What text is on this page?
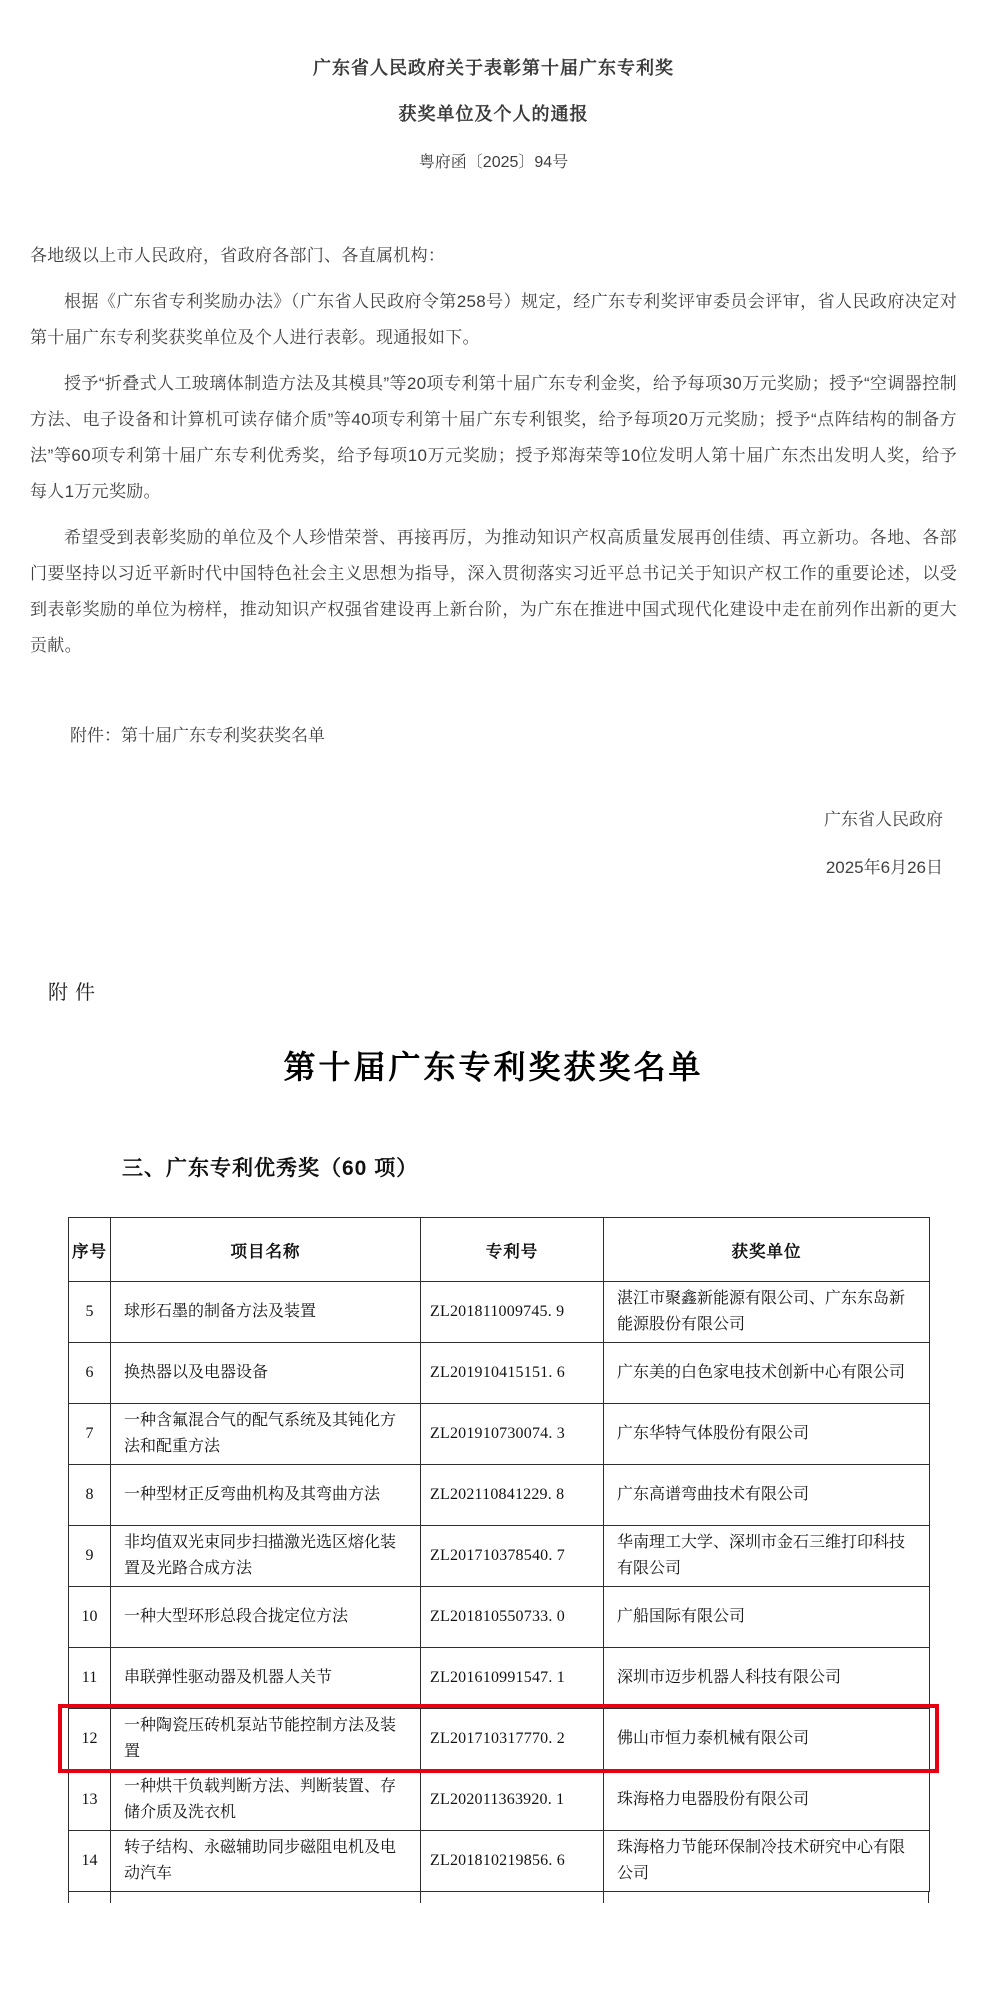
广东省人民政府关于表彰第十届广东专利奖
获奖单位及个人的通报
粤府函〔2025〕94号

各地级以上市人民政府，省政府各部门、各直属机构：

根据《广东省专利奖励办法》（广东省人民政府令第258号）规定，经广东专利奖评审委员会评审，省人民政府决定对第十届广东专利奖获奖单位及个人进行表彰。现通报如下。

授予“折叠式人工玻璃体制造方法及其模具”等20项专利第十届广东专利金奖，给予每项30万元奖励；授予“空调器控制方法、电子设备和计算机可读存储介质”等40项专利第十届广东专利银奖，给予每项20万元奖励；授予“点阵结构的制备方法”等60项专利第十届广东专利优秀奖，给予每项10万元奖励；授予郑海荣等10位发明人第十届广东杰出发明人奖，给予每人1万元奖励。

希望受到表彰奖励的单位及个人珍惜荣誉、再接再厉，为推动知识产权高质量发展再创佳绩、再立新功。各地、各部门要坚持以习近平新时代中国特色社会主义思想为指导，深入贯彻落实习近平总书记关于知识产权工作的重要论述，以受到表彰奖励的单位为榜样，推动知识产权强省建设再上新台阶，为广东在推进中国式现代化建设中走在前列作出新的更大贡献。

附件：第十届广东专利奖获奖名单
广东省人民政府
2025年6月26日
附件
第十届广东专利奖获奖名单
三、广东专利优秀奖（60 项）
序号	项目名称	专利号	获奖单位
5	球形石墨的制备方法及装置	ZL201811009745. 9	湛江市聚鑫新能源有限公司、广东东岛新能源股份有限公司
6	换热器以及电器设备	ZL201910415151. 6	广东美的白色家电技术创新中心有限公司
7	一种含氟混合气的配气系统及其钝化方法和配重方法	ZL201910730074. 3	广东华特气体股份有限公司
8	一种型材正反弯曲机构及其弯曲方法	ZL202110841229. 8	广东高谱弯曲技术有限公司
9	非均值双光束同步扫描激光选区熔化装置及光路合成方法	ZL201710378540. 7	华南理工大学、深圳市金石三维打印科技有限公司
10	一种大型环形总段合拢定位方法	ZL201810550733. 0	广船国际有限公司
11	串联弹性驱动器及机器人关节	ZL201610991547. 1	深圳市迈步机器人科技有限公司
12	一种陶瓷压砖机泵站节能控制方法及装置	ZL201710317770. 2	佛山市恒力泰机械有限公司
13	一种烘干负载判断方法、判断装置、存储介质及洗衣机	ZL202011363920. 1	珠海格力电器股份有限公司
14	转子结构、永磁辅助同步磁阻电机及电动汽车	ZL201810219856. 6	珠海格力节能环保制冷技术研究中心有限公司
